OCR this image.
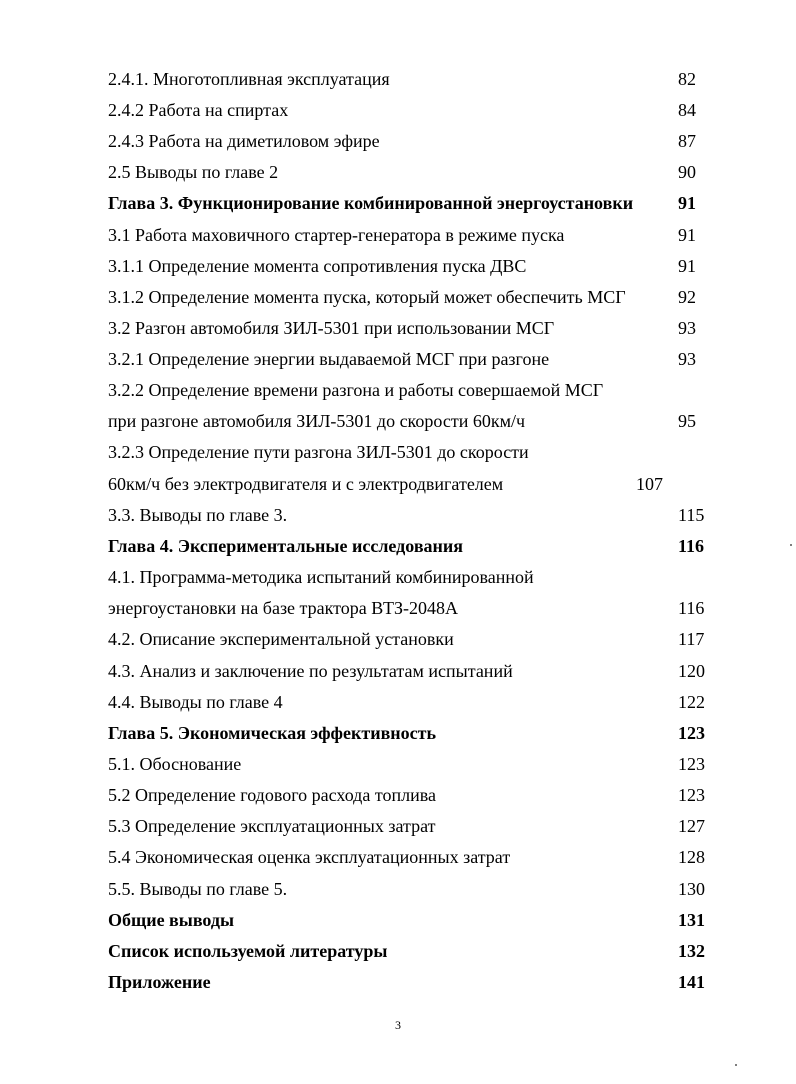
2.4.1. Многотопливная эксплуатация	82
2.4.2 Работа на спиртах	84
2.4.3 Работа на диметиловом эфире	87
2.5 Выводы по главе 2	90
Глава 3. Функционирование комбинированной энергоустановки 91
3.1 Работа маховичного стартер-генератора в режиме пуска	91
3.1.1 Определение момента сопротивления пуска ДВС	91
3.1.2 Определение момента пуска, который может обеспечить МСГ	92
3.2 Разгон автомобиля ЗИЛ-5301 при использовании МСГ	93
3.2.1 Определение энергии выдаваемой МСГ при разгоне	93
3.2.2 Определение времени разгона и работы совершаемой МСГ
при разгоне автомобиля ЗИЛ-5301 до скорости 60км/ч	95
3.2.3 Определение пути разгона ЗИЛ-5301 до скорости
60км/ч без электродвигателя и с электродвигателем	107
3.3. Выводы по главе 3.	115
Глава 4. Экспериментальные исследования	116
4.1. Программа-методика испытаний комбинированной
энергоустановки на базе трактора ВТЗ-2048А	116
4.2. Описание экспериментальной установки	117
4.3. Анализ и заключение по результатам испытаний	120
4.4. Выводы по главе 4	122
Глава 5. Экономическая эффективность	123
5.1. Обоснование	123
5.2 Определение годового расхода топлива	123
5.3 Определение эксплуатационных затрат	127
5.4 Экономическая оценка эксплуатационных затрат	128
5.5. Выводы по главе 5.	130
Общие выводы	131
Список используемой литературы	132
Приложение	141
3
